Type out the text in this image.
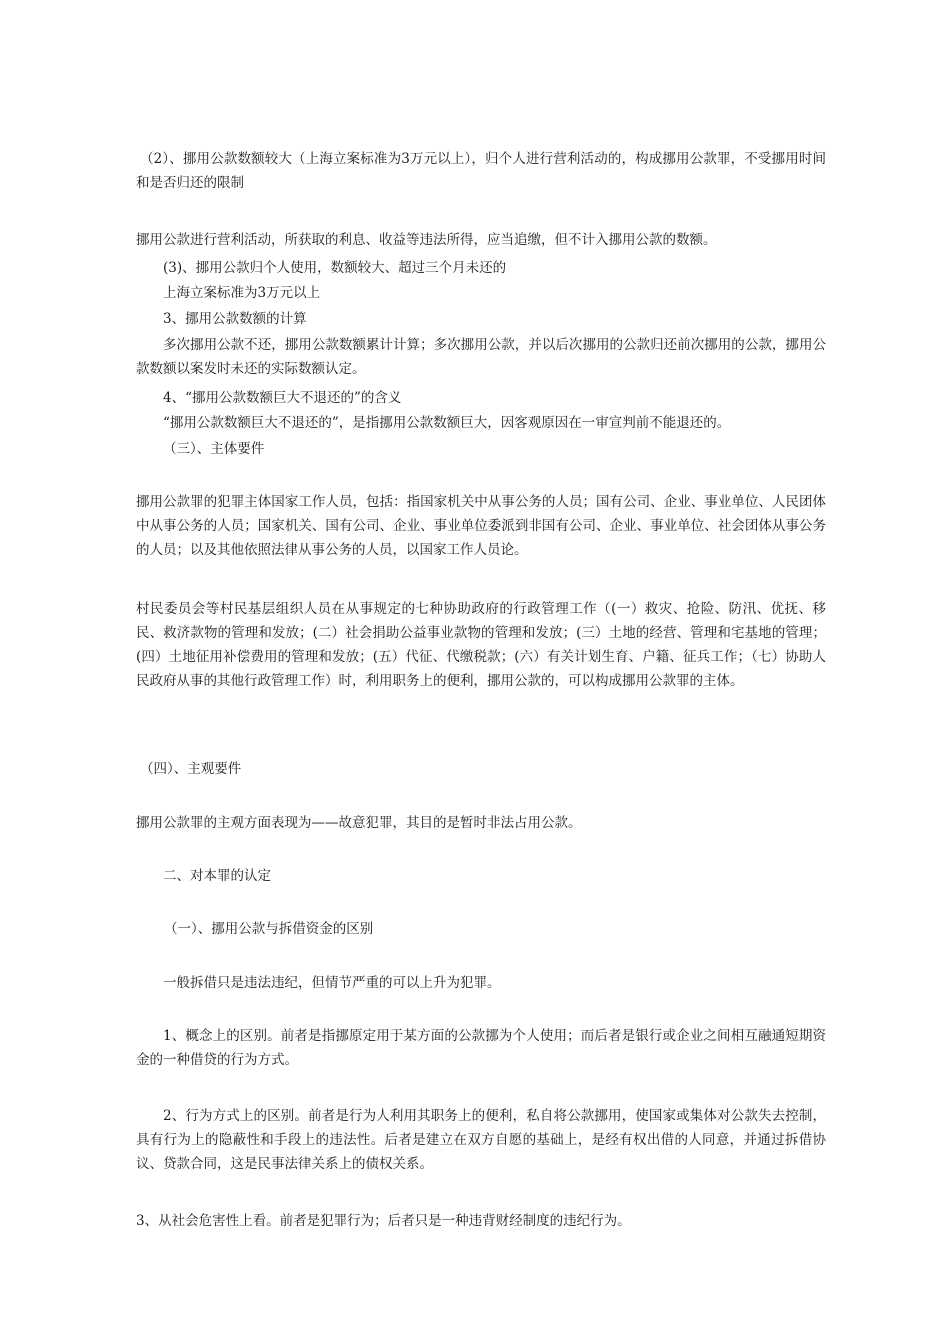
（2）、挪用公款数额较大（上海立案标准为3万元以上），归个人进行营利活动的，构成挪用公款罪，不受挪用时间和是否归还的限制

挪用公款进行营利活动，所获取的利息、收益等违法所得，应当追缴，但不计入挪用公款的数额。

(3)、挪用公款归个人使用，数额较大、超过三个月未还的

上海立案标准为3万元以上

3、挪用公款数额的计算

多次挪用公款不还，挪用公款数额累计计算；多次挪用公款，并以后次挪用的公款归还前次挪用的公款，挪用公款数额以案发时未还的实际数额认定。

4、“挪用公款数额巨大不退还的”的含义

“挪用公款数额巨大不退还的”，是指挪用公款数额巨大，因客观原因在一审宣判前不能退还的。

（三）、主体要件

挪用公款罪的犯罪主体国家工作人员，包括：指国家机关中从事公务的人员；国有公司、企业、事业单位、人民团体中从事公务的人员；国家机关、国有公司、企业、事业单位委派到非国有公司、企业、事业单位、社会团体从事公务的人员；以及其他依照法律从事公务的人员，以国家工作人员论。

村民委员会等村民基层组织人员在从事规定的七种协助政府的行政管理工作（(一）救灾、抢险、防汛、优抚、移民、救济款物的管理和发放；(二）社会捐助公益事业款物的管理和发放；(三）土地的经营、管理和宅基地的管理；(四）土地征用补偿费用的管理和发放；(五）代征、代缴税款；(六）有关计划生育、户籍、征兵工作；（七）协助人民政府从事的其他行政管理工作）时，利用职务上的便利，挪用公款的，可以构成挪用公款罪的主体。

（四）、主观要件

挪用公款罪的主观方面表现为——故意犯罪，其目的是暂时非法占用公款。

二、对本罪的认定

（一）、挪用公款与拆借资金的区别

一般拆借只是违法违纪，但情节严重的可以上升为犯罪。

1、概念上的区别。前者是指挪原定用于某方面的公款挪为个人使用；而后者是银行或企业之间相互融通短期资金的一种借贷的行为方式。

2、行为方式上的区别。前者是行为人利用其职务上的便利，私自将公款挪用，使国家或集体对公款失去控制，具有行为上的隐蔽性和手段上的违法性。后者是建立在双方自愿的基础上，是经有权出借的人同意，并通过拆借协议、贷款合同，这是民事法律关系上的债权关系。

3、从社会危害性上看。前者是犯罪行为；后者只是一种违背财经制度的违纪行为。
